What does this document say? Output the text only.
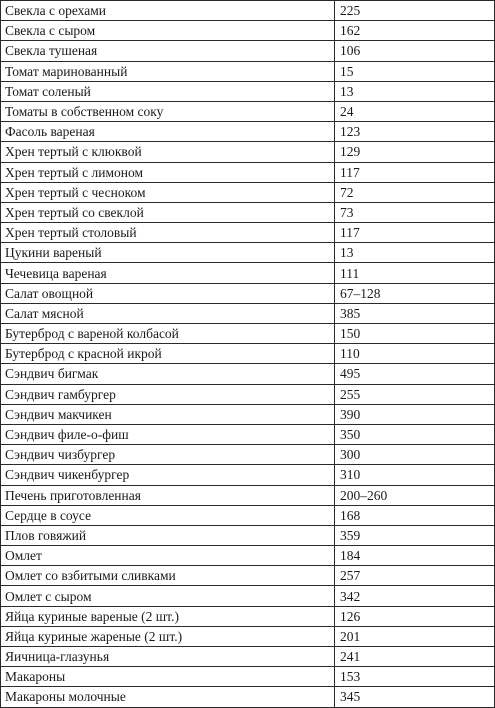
Свекла с орехами	225
Свекла с сыром	162
Свекла тушеная	106
Томат маринованный	15
Томат соленый	13
Томаты в собственном соку	24
Фасоль вареная	123
Хрен тертый с клюквой	129
Хрен тертый с лимоном	117
Хрен тертый с чесноком	72
Хрен тертый со свеклой	73
Хрен тертый столовый	117
Цукини вареный	13
Чечевица вареная	111
Салат овощной	67–128
Салат мясной	385
Бутерброд с вареной колбасой	150
Бутерброд с красной икрой	110
Сэндвич бигмак	495
Сэндвич гамбургер	255
Сэндвич макчикен	390
Сэндвич филе-о-фиш	350
Сэндвич чизбургер	300
Сэндвич чикенбургер	310
Печень приготовленная	200–260
Сердце в соусе	168
Плов говяжий	359
Омлет	184
Омлет со взбитыми сливками	257
Омлет с сыром	342
Яйца куриные вареные (2 шт.)	126
Яйца куриные жареные (2 шт.)	201
Яичница-глазунья	241
Макароны	153
Макароны молочные	345
